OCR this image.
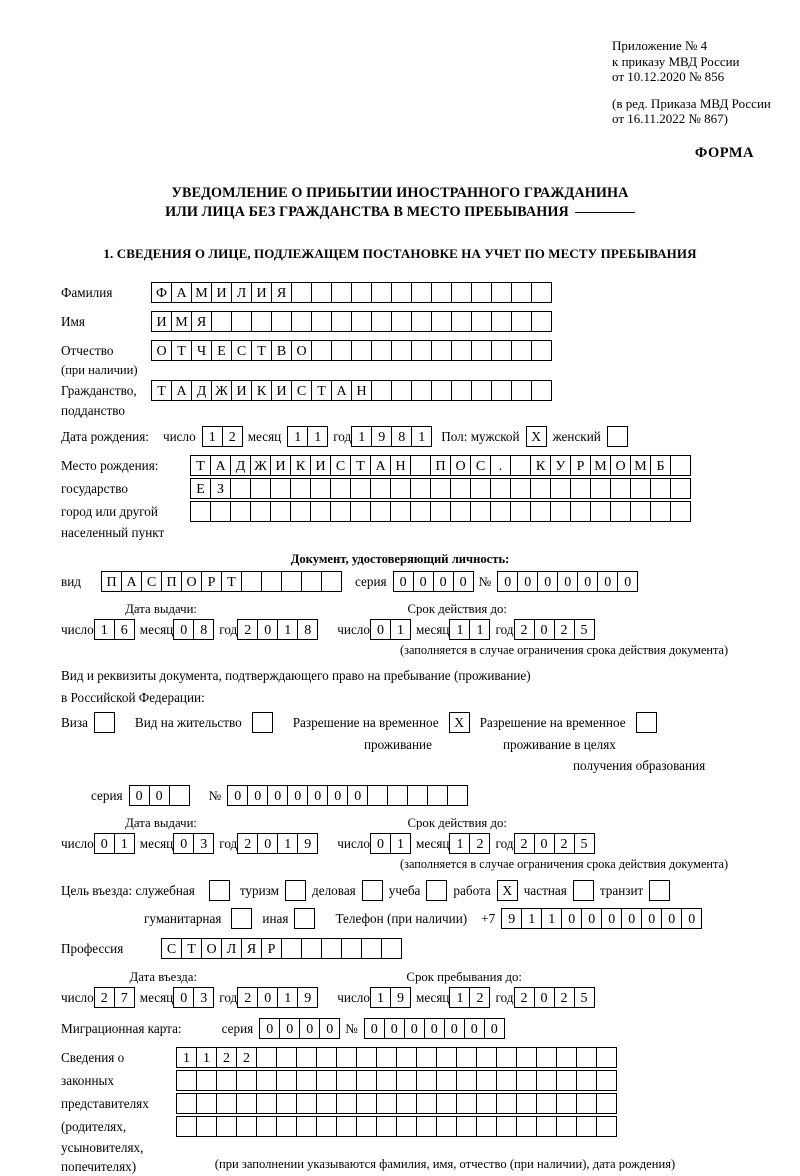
Приложение № 4
к приказу МВД России
от 10.12.2020 № 856
(в ред. Приказа МВД России
от 16.11.2022 № 867)
ФОРМА
УВЕДОМЛЕНИЕ О ПРИБЫТИИ ИНОСТРАННОГО ГРАЖДАНИНА
ИЛИ ЛИЦА БЕЗ ГРАЖДАНСТВА В МЕСТО ПРЕБЫВАНИЯ
1. СВЕДЕНИЯ О ЛИЦЕ, ПОДЛЕЖАЩЕМ ПОСТАНОВКЕ НА УЧЕТ ПО МЕСТУ ПРЕБЫВАНИЯ
Фамилия	Ф А М И Л И Я
Имя	И М Я
Отчество	О Т Ч Е С Т В О
(при наличии)
Гражданство,	Т А Д Ж И К И С Т А Н
подданство
Дата рождения: число 1 2 месяц 1 1 год 1 9 8 1	Пол: мужской X женский
Место рождения:	Т А Д Ж И К И С Т А Н	П О С .	К У Р М О М Б
государство	Е З
город или другой
населенный пункт
Документ, удостоверяющий личность:
вид	П А С П О Р Т	серия 0 0 0 0 № 0 0 0 0 0 0 0
Дата выдачи:	Срок действия до:
число 1 6 месяц 0 8 год 2 0 1 8	число 0 1 месяц 1 1 год 2 0 2 5
(заполняется в случае ограничения срока действия документа)
Вид и реквизиты документа, подтверждающего право на пребывание (проживание)
в Российской Федерации:
Виза	Вид на жительство	Разрешение на временное	X	Разрешение на временное
проживание	проживание в целях
получения образования
серия 0 0	№ 0 0 0 0 0 0 0
Дата выдачи:	Срок действия до:
число 0 1 месяц 0 3 год 2 0 1 9	число 0 1 месяц 1 2 год 2 0 2 5
(заполняется в случае ограничения срока действия документа)
Цель въезда: служебная	туризм	деловая	учеба	работа X частная	транзит
гуманитарная	иная	Телефон (при наличии) +7 9 1 1 0 0 0 0 0 0 0
Профессия	С Т О Л Я Р
Дата въезда:	Срок пребывания до:
число 2 7 месяц 0 3 год 2 0 1 9	число 1 9 месяц 1 2 год 2 0 2 5
Миграционная карта:	серия 0 0 0 0 № 0 0 0 0 0 0 0
Сведения о	1 1 2 2
законных
представителях
(родителях,
усыновителях,
попечителях)	(при заполнении указываются фамилия, имя, отчество (при наличии), дата рождения)
